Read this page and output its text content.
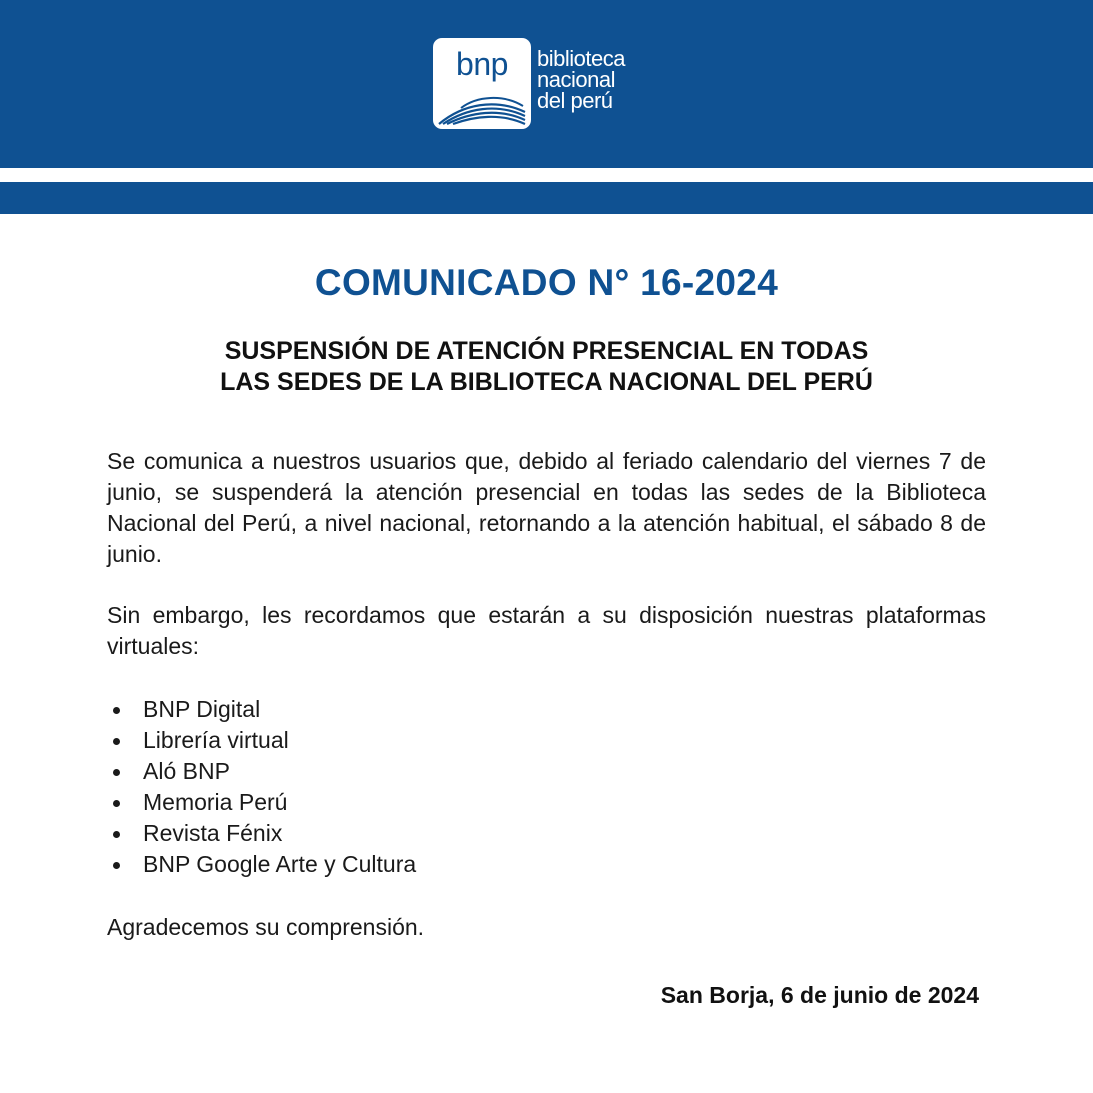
bnp	biblioteca
nacional
del perú
COMUNICADO N° 16-2024
SUSPENSIÓN DE ATENCIÓN PRESENCIAL EN TODAS
LAS SEDES DE LA BIBLIOTECA NACIONAL DEL PERÚ
Se comunica a nuestros usuarios que, debido al feriado calendario del viernes 7 de junio, se suspenderá la atención presencial en todas las sedes de la Biblioteca Nacional del Perú, a nivel nacional, retornando a la atención habitual, el sábado 8 de junio.
Sin embargo, les recordamos que estarán a su disposición nuestras plataformas virtuales:
BNP Digital
Librería virtual
Aló BNP
Memoria Perú
Revista Fénix
BNP Google Arte y Cultura
Agradecemos su comprensión.
San Borja, 6 de junio de 2024
